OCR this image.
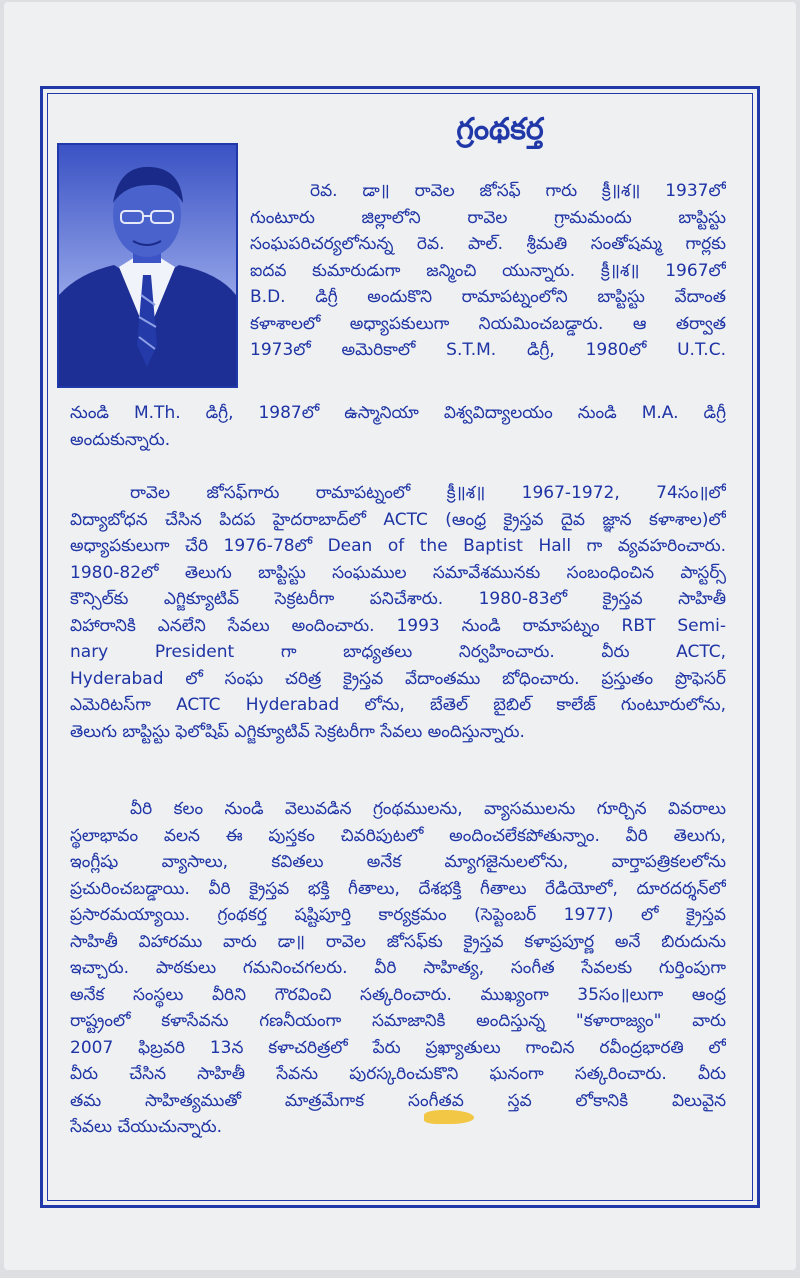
గ్రంథకర్త
రెవ. డా॥ రావెల జోసఫ్ గారు క్రీ॥శ॥ 1937లో
గుంటూరు జిల్లాలోని రావెల గ్రామమందు బాప్టిస్టు
సంఘపరిచర్యలోనున్న రెవ. పాల్. శ్రీమతి సంతోషమ్మ గార్లకు
ఐదవ కుమారుడుగా జన్మించి యున్నారు. క్రీ॥శ॥ 1967లో
B.D. డిగ్రీ అందుకొని రామాపట్నంలోని బాప్టిస్టు వేదాంత
కళాశాలలో అధ్యాపకులుగా నియమించబడ్డారు. ఆ తర్వాత
1973లో అమెరికాలో S.T.M. డిగ్రీ, 1980లో U.T.C.
నుండి M.Th. డిగ్రీ, 1987లో ఉస్మానియా విశ్వవిద్యాలయం నుండి M.A. డిగ్రీ
అందుకున్నారు.
రావెల జోసఫ్‌గారు రామాపట్నంలో క్రీ॥శ॥ 1967-1972, 74సం॥లో
విద్యాబోధన చేసిన పిదప హైదరాబాద్‌లో ACTC (ఆంధ్ర క్రైస్తవ దైవ జ్ఞాన కళాశాల)లో
అధ్యాపకులుగా చేరి 1976-78లో Dean of the Baptist Hall గా వ్యవహరించారు.
1980-82లో తెలుగు బాప్టిస్టు సంఘముల సమావేశమునకు సంబంధించిన పాస్టర్స్
కౌన్సిల్‌కు ఎగ్జిక్యూటివ్ సెక్రటరీగా పనిచేశారు. 1980-83లో క్రైస్తవ సాహితీ
విహారానికి ఎనలేని సేవలు అందించారు. 1993 నుండి రామాపట్నం RBT Semi-
nary President గా బాధ్యతలు నిర్వహించారు. వీరు ACTC,
Hyderabad లో సంఘ చరిత్ర క్రైస్తవ వేదాంతము బోధించారు. ప్రస్తుతం ప్రొఫెసర్
ఎమెరిటస్‌గా ACTC Hyderabad లోను, బేతెల్ బైబిల్ కాలేజ్ గుంటూరులోను,
తెలుగు బాప్టిస్టు ఫెలోషిప్ ఎగ్జిక్యూటివ్ సెక్రటరీగా సేవలు అందిస్తున్నారు.
వీరి కలం నుండి వెలువడిన గ్రంథములను, వ్యాసములను గూర్చిన వివరాలు
స్థలాభావం వలన ఈ పుస్తకం చివరిపుటలో అందించలేకపోతున్నాం. వీరి తెలుగు,
ఇంగ్లీషు వ్యాసాలు, కవితలు అనేక మ్యాగజైనులలోను, వార్తాపత్రికలలోను
ప్రచురించబడ్డాయి. వీరి క్రైస్తవ భక్తి గీతాలు, దేశభక్తి గీతాలు రేడియోలో, దూరదర్శన్‌లో
ప్రసారమయ్యాయి. గ్రంథకర్త షష్టిపూర్తి కార్యక్రమం (సెప్టెంబర్ 1977) లో క్రైస్తవ
సాహితీ విహారము వారు డా॥ రావెల జోసఫ్‌కు క్రైస్తవ కళాప్రపూర్ణ అనే బిరుదును
ఇచ్చారు. పాఠకులు గమనించగలరు. వీరి సాహిత్య, సంగీత సేవలకు గుర్తింపుగా
అనేక సంస్థలు వీరిని గౌరవించి సత్కరించారు. ముఖ్యంగా 35సం॥లుగా ఆంధ్ర
రాష్ట్రంలో కళాసేవను గణనీయంగా సమాజానికి అందిస్తున్న "కళారాజ్యం" వారు
2007 ఫిబ్రవరి 13న కళాచరిత్రలో పేరు ప్రఖ్యాతులు గాంచిన రవీంద్రభారతి లో
వీరు చేసిన సాహితీ సేవను పురస్కరించుకొని ఘనంగా సత్కరించారు. వీరు
తమ సాహిత్యముతో మాత్రమేగాక సంగీతవ స్తవ లోకానికి విలువైన
సేవలు చేయుచున్నారు.
